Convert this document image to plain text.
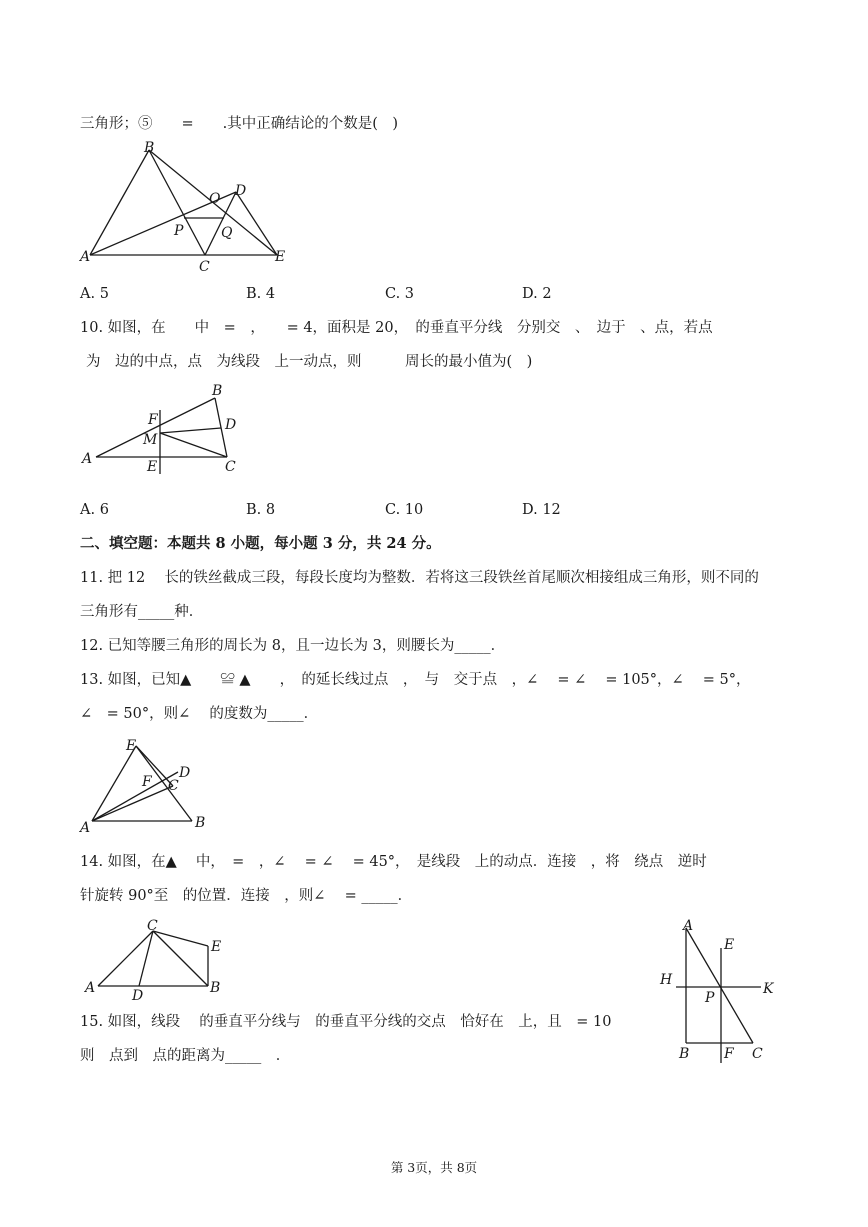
三角形；⑤　　=　　.其中正确结论的个数是(　)
B
A
C
E
D
O
P	Q
A. 5	B. 4	C. 3	D. 2
10. 如图，在　　中　=　，　　= 4，面积是 20，　的垂直平分线　分别交　、　边于　、点，若点
为　边的中点，点　为线段　上一动点，则　　　周长的最小值为(　)
B
F
M
D
A	E	C
A. 6	B. 8	C. 10	D. 12
二、填空题：本题共 8 小题，每小题 3 分，共 24 分。
11. 把 12　 长的铁丝截成三段，每段长度均为整数．若将这三段铁丝首尾顺次相接组成三角形，则不同的
三角形有_____种．
12. 已知等腰三角形的周长为 8，且一边长为 3，则腰长为_____．
13. 如图，已知▲　　≌ ▲　　，　的延长线过点　，　与　交于点　，∠　 = ∠　 = 105°，∠　 = 5°，
∠　= 50°，则∠　 的度数为_____．
E
D
F C
A	B
14. 如图，在▲　 中，　=　，∠　 = ∠　 = 45°，　是线段　上的动点．连接　，将　绕点　逆时
针旋转 90°至　的位置．连接　，则∠　 = _____．
C
E
A	D	B
15. 如图，线段　 的垂直平分线与　的垂直平分线的交点　恰好在　上，且　= 10
则　点到　点的距离为_____　．
A
E
H
P
K
B F C
第 3页，共 8页
